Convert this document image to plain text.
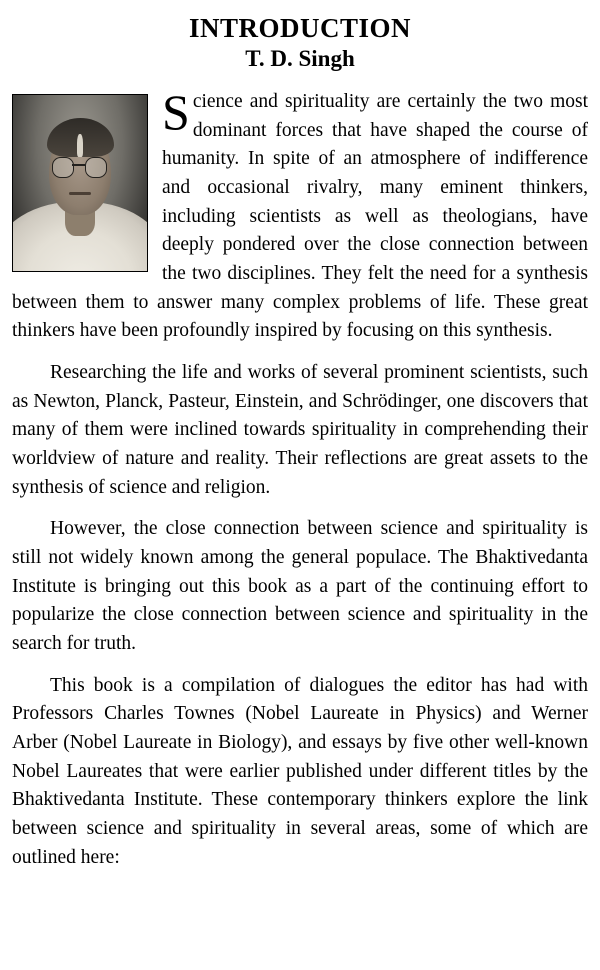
INTRODUCTION
T. D. Singh

Science and spirituality are certainly the two most dominant forces that have shaped the course of humanity. In spite of an atmosphere of indifference and occasional rivalry, many eminent thinkers, including scientists as well as theologians, have deeply pondered over the close connection between the two disciplines. They felt the need for a synthesis between them to answer many complex problems of life. These great thinkers have been profoundly inspired by focusing on this synthesis.

Researching the life and works of several prominent scientists, such as Newton, Planck, Pasteur, Einstein, and Schrödinger, one discovers that many of them were inclined towards spirituality in comprehending their worldview of nature and reality. Their reflections are great assets to the synthesis of science and religion.

However, the close connection between science and spirituality is still not widely known among the general populace. The Bhaktivedanta Institute is bringing out this book as a part of the continuing effort to popularize the close connection between science and spirituality in the search for truth.

This book is a compilation of dialogues the editor has had with Professors Charles Townes (Nobel Laureate in Physics) and Werner Arber (Nobel Laureate in Biology), and essays by five other well-known Nobel Laureates that were earlier published under different titles by the Bhaktivedanta Institute. These contemporary thinkers explore the link between science and spirituality in several areas, some of which are outlined here:
